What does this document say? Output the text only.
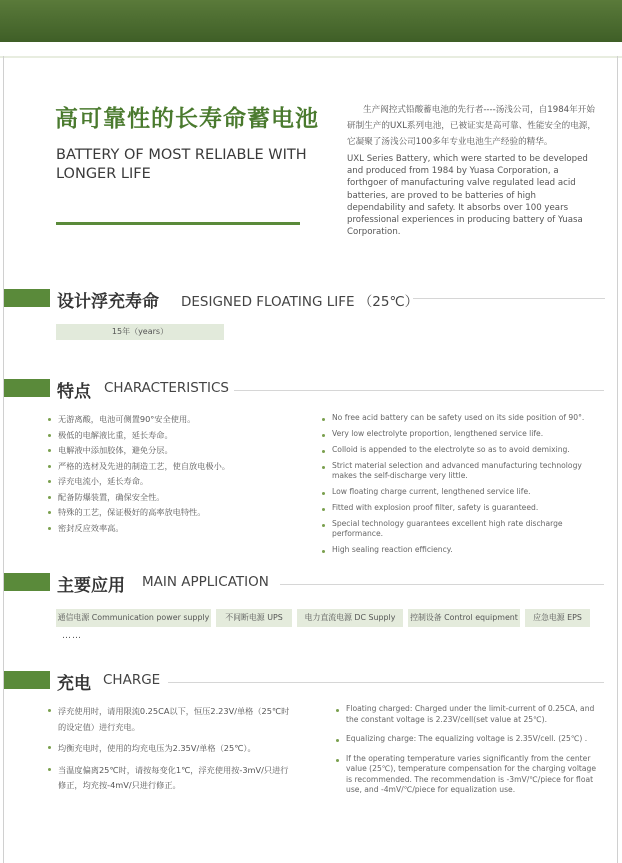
高可靠性的长寿命蓄电池
BATTERY OF MOST RELIABLE WITH LONGER LIFE
生产阀控式铅酸蓄电池的先行者----汤浅公司，自1984年开始研制生产的UXL系列电池，已被证实是高可靠、性能安全的电源，它凝聚了汤浅公司100多年专业电池生产经验的精华。
UXL Series Battery, which were started to be developed and produced from 1984 by Yuasa Corporation, a forthgoer of manufacturing valve regulated lead acid batteries, are proved to be batteries of high dependability and safety. It absorbs over 100 years professional experiences in producing battery of Yuasa Corporation.
设计浮充寿命 DESIGNED FLOATING LIFE （25℃）
15年（years）
特点 CHARACTERISTICS
无游离酸，电池可侧置90°安全使用。
极低的电解液比重，延长寿命。
电解液中添加胶体，避免分层。
严格的选材及先进的制造工艺，使自放电极小。
浮充电流小，延长寿命。
配备防爆装置，确保安全性。
特殊的工艺，保证极好的高率放电特性。
密封反应效率高。
No free acid battery can be safety used on its side position of 90°.
Very low electrolyte proportion, lengthened service life.
Colloid is appended to the electrolyte so as to avoid demixing.
Strict material selection and advanced manufacturing technology makes the self-discharge very little.
Low floating charge current, lengthened service life.
Fitted with explosion proof filter, safety is guaranteed.
Special technology guarantees excellent high rate discharge performance.
High sealing reaction efficiency.
主要应用 MAIN APPLICATION
通信电源 Communication power supply	不间断电源 UPS	电力直流电源 DC Supply	控制设备 Control equipment	应急电源 EPS
……
充电 CHARGE
浮充使用时，请用限流0.25CA以下，恒压2.23V/单格（25℃时的设定值）进行充电。
均衡充电时，使用的均充电压为2.35V/单格（25℃）。
当温度偏离25℃时，请按每变化1℃，浮充使用按-3mV/只进行修正，均充按-4mV/只进行修正。
Floating charged: Charged under the limit-current of 0.25CA, and the constant voltage is 2.23V/cell(set value at 25℃).
Equalizing charge: The equalizing voltage is 2.35V/cell. (25℃) .
If the operating temperature varies significantly from the center value (25℃), temperature compensation for the charging voltage is recommended. The recommendation is -3mV/℃/piece for float use, and -4mV/℃/piece for equalization use.
